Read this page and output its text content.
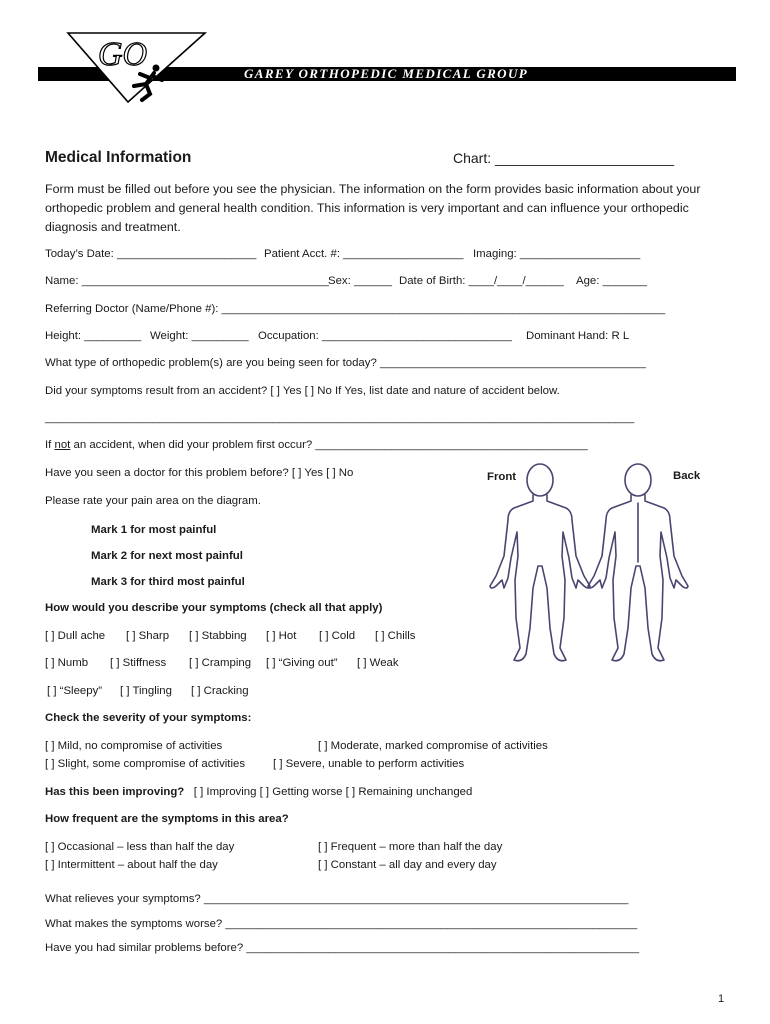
GO
GAREY ORTHOPEDIC MEDICAL GROUP
Medical Information	Chart: _______________________
Form must be filled out before you see the physician. The information on the form provides basic information about your orthopedic problem and general health condition. This information is very important and can influence your orthopedic diagnosis and treatment.
Today’s Date: ______________________ Patient Acct. #: ___________________ Imaging: ___________________
Name: _______________________________________ Sex: ______ Date of Birth: ____/____/______ Age: _______
Referring Doctor (Name/Phone #): ______________________________________________________________________
Height: _________ Weight: _________ Occupation: ______________________________ Dominant Hand: R L
What type of orthopedic problem(s) are you being seen for today? __________________________________________
Did your symptoms result from an accident? [ ] Yes [ ] No If Yes, list date and nature of accident below.
_____________________________________________________________________________________________
If not an accident, when did your problem first occur? ___________________________________________
Have you seen a doctor for this problem before? [ ] Yes [ ] No
Please rate your pain area on the diagram.
Mark 1 for most painful
Mark 2 for next most painful
Mark 3 for third most painful
Front	Back
How would you describe your symptoms (check all that apply)
[ ] Dull ache [ ] Sharp [ ] Stabbing [ ] Hot [ ] Cold [ ] Chills
[ ] Numb [ ] Stiffness [ ] Cramping [ ] “Giving out” [ ] Weak
[ ] “Sleepy” [ ] Tingling [ ] Cracking
Check the severity of your symptoms:
[ ] Mild, no compromise of activities	[ ] Moderate, marked compromise of activities
[ ] Slight, some compromise of activities [ ] Severe, unable to perform activities
Has this been improving? [ ] Improving [ ] Getting worse [ ] Remaining unchanged
How frequent are the symptoms in this area?
[ ] Occasional – less than half the day	[ ] Frequent – more than half the day
[ ] Intermittent – about half the day	[ ] Constant – all day and every day
What relieves your symptoms? ___________________________________________________________________
What makes the symptoms worse? _________________________________________________________________
Have you had similar problems before? ______________________________________________________________
1
